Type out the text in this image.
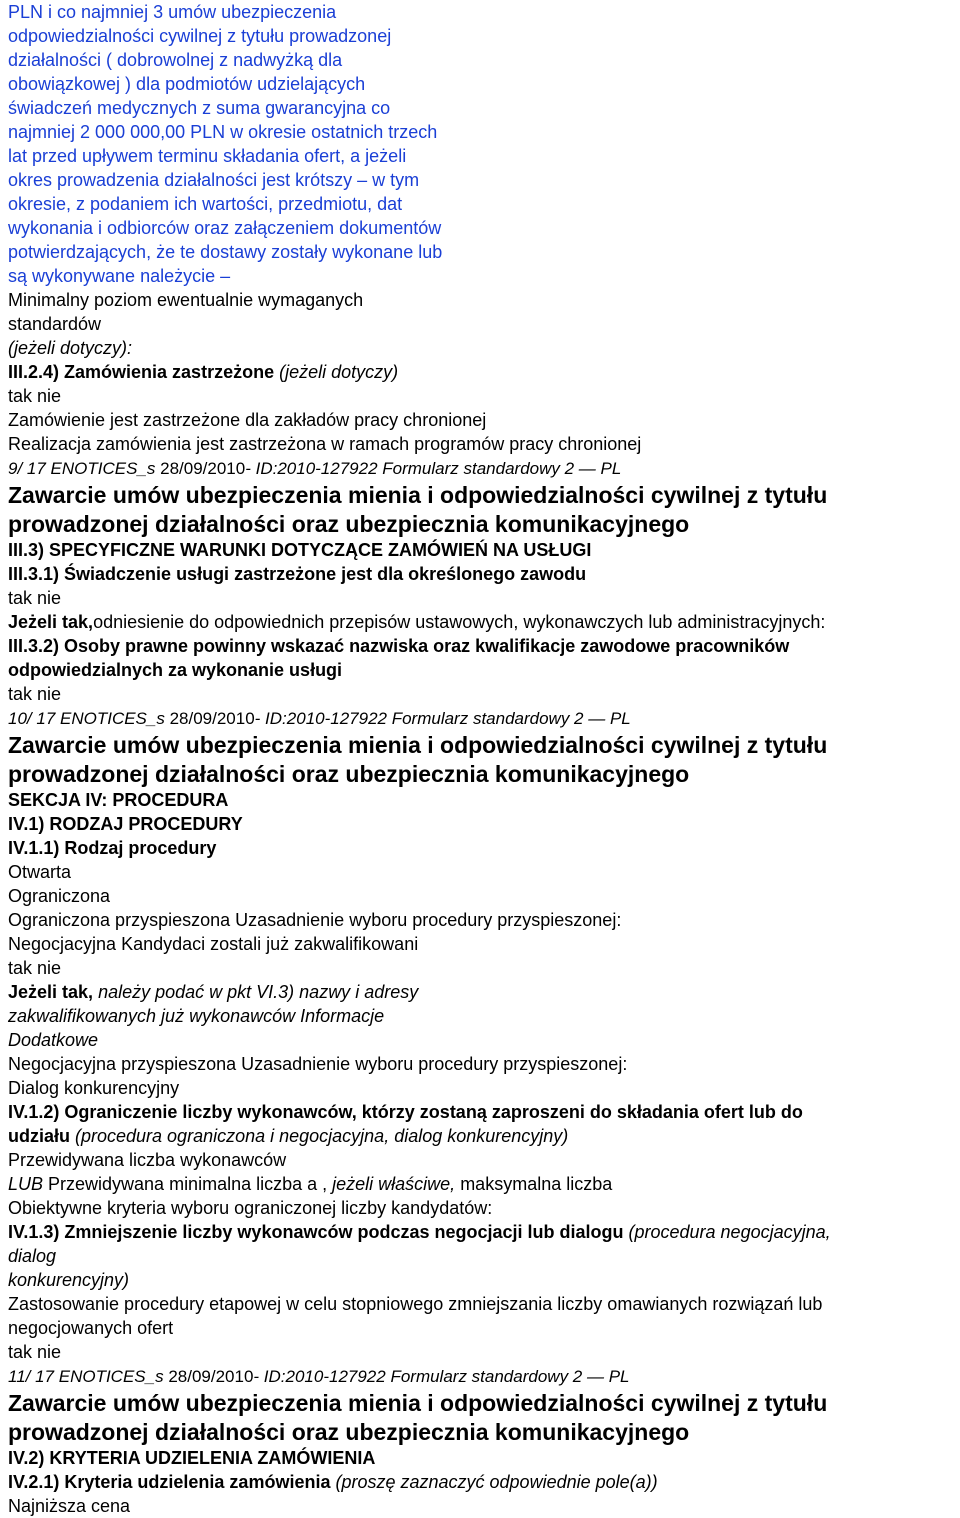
PLN i co najmniej 3 umów ubezpieczenia

odpowiedzialności cywilnej z tytułu prowadzonej

działalności ( dobrowolnej z nadwyżką dla

obowiązkowej ) dla podmiotów udzielających

świadczeń medycznych z suma gwarancyjna co

najmniej 2 000 000,00 PLN w okresie ostatnich trzech

lat przed upływem terminu składania ofert, a jeżeli

okres prowadzenia działalności jest krótszy – w tym

okresie, z podaniem ich wartości, przedmiotu, dat

wykonania i odbiorców oraz załączeniem dokumentów

potwierdzających, że te dostawy zostały wykonane lub

są wykonywane należycie –

Minimalny poziom ewentualnie wymaganych

standardów

(jeżeli dotyczy):

III.2.4) Zamówienia zastrzeżone (jeżeli dotyczy)

tak nie

Zamówienie jest zastrzeżone dla zakładów pracy chronionej

Realizacja zamówienia jest zastrzeżona w ramach programów pracy chronionej

9/ 17 ENOTICES_s 28/09/2010- ID:2010-127922 Formularz standardowy 2 — PL

Zawarcie umów ubezpieczenia mienia i odpowiedzialności cywilnej z tytułu

prowadzonej działalności oraz ubezpiecznia komunikacyjnego

III.3) SPECYFICZNE WARUNKI DOTYCZĄCE ZAMÓWIEŃ NA USŁUGI

III.3.1) Świadczenie usługi zastrzeżone jest dla określonego zawodu

tak nie

Jeżeli tak,odniesienie do odpowiednich przepisów ustawowych, wykonawczych lub administracyjnych:

III.3.2) Osoby prawne powinny wskazać nazwiska oraz kwalifikacje zawodowe pracowników

odpowiedzialnych za wykonanie usługi

tak nie

10/ 17 ENOTICES_s 28/09/2010- ID:2010-127922 Formularz standardowy 2 — PL

Zawarcie umów ubezpieczenia mienia i odpowiedzialności cywilnej z tytułu

prowadzonej działalności oraz ubezpiecznia komunikacyjnego

SEKCJA IV: PROCEDURA

IV.1) RODZAJ PROCEDURY

IV.1.1) Rodzaj procedury

Otwarta

Ograniczona

Ograniczona przyspieszona Uzasadnienie wyboru procedury przyspieszonej:

Negocjacyjna Kandydaci zostali już zakwalifikowani

tak nie

Jeżeli tak, należy podać w pkt VI.3) nazwy i adresy

zakwalifikowanych już wykonawców Informacje

Dodatkowe

Negocjacyjna przyspieszona Uzasadnienie wyboru procedury przyspieszonej:

Dialog konkurencyjny

IV.1.2) Ograniczenie liczby wykonawców, którzy zostaną zaproszeni do składania ofert lub do

udziału (procedura ograniczona i negocjacyjna, dialog konkurencyjny)

Przewidywana liczba wykonawców

LUB Przewidywana minimalna liczba a , jeżeli właściwe, maksymalna liczba

Obiektywne kryteria wyboru ograniczonej liczby kandydatów:

IV.1.3) Zmniejszenie liczby wykonawców podczas negocjacji lub dialogu (procedura negocjacyjna,

dialog

konkurencyjny)

Zastosowanie procedury etapowej w celu stopniowego zmniejszania liczby omawianych rozwiązań lub

negocjowanych ofert

tak nie

11/ 17 ENOTICES_s 28/09/2010- ID:2010-127922 Formularz standardowy 2 — PL

Zawarcie umów ubezpieczenia mienia i odpowiedzialności cywilnej z tytułu

prowadzonej działalności oraz ubezpiecznia komunikacyjnego

IV.2) KRYTERIA UDZIELENIA ZAMÓWIENIA

IV.2.1) Kryteria udzielenia zamówienia (proszę zaznaczyć odpowiednie pole(a))

Najniższa cena
